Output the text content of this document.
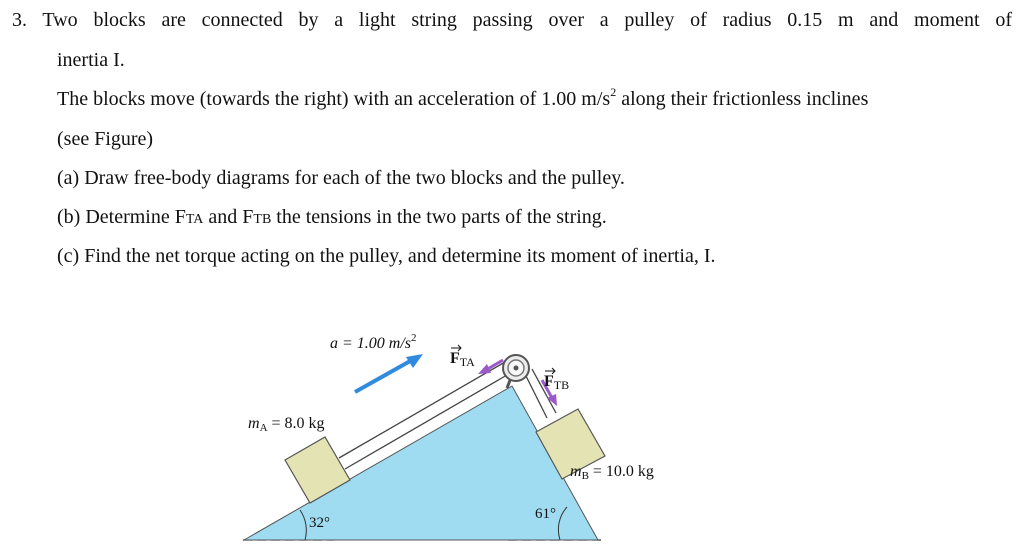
3. Two blocks are connected by a light string passing over a pulley of radius 0.15 m and moment of
inertia I.
The blocks move (towards the right) with an acceleration of 1.00 $m/s^2$ along their frictionless inclines
(see Figure)
(a) Draw free-body diagrams for each of the two blocks and the pulley.
(b) Determine FTA and FTB the tensions in the two parts of the string.
(c) Find the net torque acting on the pulley, and determine its moment of inertia, I.
a = 1.00 $m/s^2$
FTA
FTB
mA = 8.0 kg
mB = 10.0 kg
32°
61°
